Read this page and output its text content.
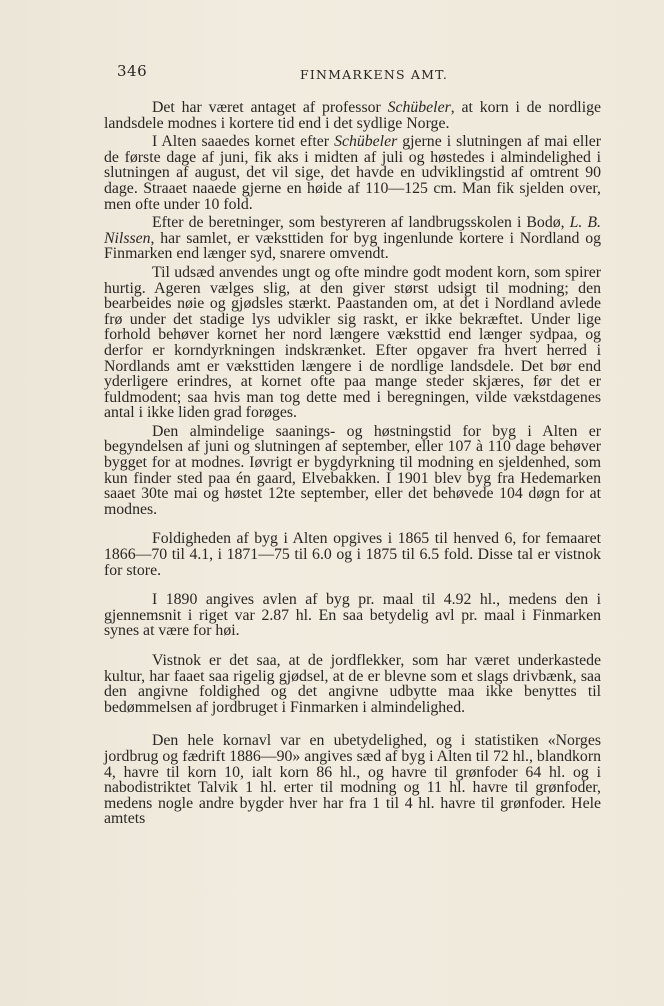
346	FINMARKENS AMT.

Det har været antaget af professor Schübeler, at korn i de nordlige landsdele modnes i kortere tid end i det sydlige Norge.

I Alten saaedes kornet efter Schübeler gjerne i slutningen af mai eller de første dage af juni, fik aks i midten af juli og høstedes i almindelighed i slutningen af august, det vil sige, det havde en udviklingstid af omtrent 90 dage. Straaet naaede gjerne en høide af 110—125 cm. Man fik sjelden over, men ofte under 10 fold.

Efter de beretninger, som bestyreren af landbrugsskolen i Bodø, L. B. Nilssen, har samlet, er væksttiden for byg ingenlunde kortere i Nordland og Finmarken end længer syd, snarere omvendt.

Til udsæd anvendes ungt og ofte mindre godt modent korn, som spirer hurtig. Ageren vælges slig, at den giver størst udsigt til modning; den bearbeides nøie og gjødsles stærkt. Paastanden om, at det i Nordland avlede frø under det stadige lys udvikler sig raskt, er ikke bekræftet. Under lige forhold behøver kornet her nord længere væksttid end længer sydpaa, og derfor er korndyrkningen indskrænket. Efter opgaver fra hvert herred i Nordlands amt er væksttiden længere i de nordlige landsdele. Det bør end yderligere erindres, at kornet ofte paa mange steder skjæres, før det er fuldmodent; saa hvis man tog dette med i beregningen, vilde vækstdagenes antal i ikke liden grad forøges.

Den almindelige saanings- og høstningstid for byg i Alten er begyndelsen af juni og slutningen af september, eller 107 à 110 dage behøver bygget for at modnes. Iøvrigt er bygdyrkning til modning en sjeldenhed, som kun finder sted paa én gaard, Elvebakken. I 1901 blev byg fra Hedemarken saaet 30te mai og høstet 12te september, eller det behøvede 104 døgn for at modnes.

Foldigheden af byg i Alten opgives i 1865 til henved 6, for femaaret 1866—70 til 4.1, i 1871—75 til 6.0 og i 1875 til 6.5 fold. Disse tal er vistnok for store.

I 1890 angives avlen af byg pr. maal til 4.92 hl., medens den i gjennemsnit i riget var 2.87 hl. En saa betydelig avl pr. maal i Finmarken synes at være for høi.

Vistnok er det saa, at de jordflekker, som har været underkastede kultur, har faaet saa rigelig gjødsel, at de er blevne som et slags drivbænk, saa den angivne foldighed og det angivne udbytte maa ikke benyttes til bedømmelsen af jordbruget i Finmarken i almindelighed.

Den hele kornavl var en ubetydelighed, og i statistiken «Norges jordbrug og fædrift 1886—90» angives sæd af byg i Alten til 72 hl., blandkorn 4, havre til korn 10, ialt korn 86 hl., og havre til grønfoder 64 hl. og i nabodistriktet Talvik 1 hl. erter til modning og 11 hl. havre til grønfoder, medens nogle andre bygder hver har fra 1 til 4 hl. havre til grønfoder. Hele amtets
